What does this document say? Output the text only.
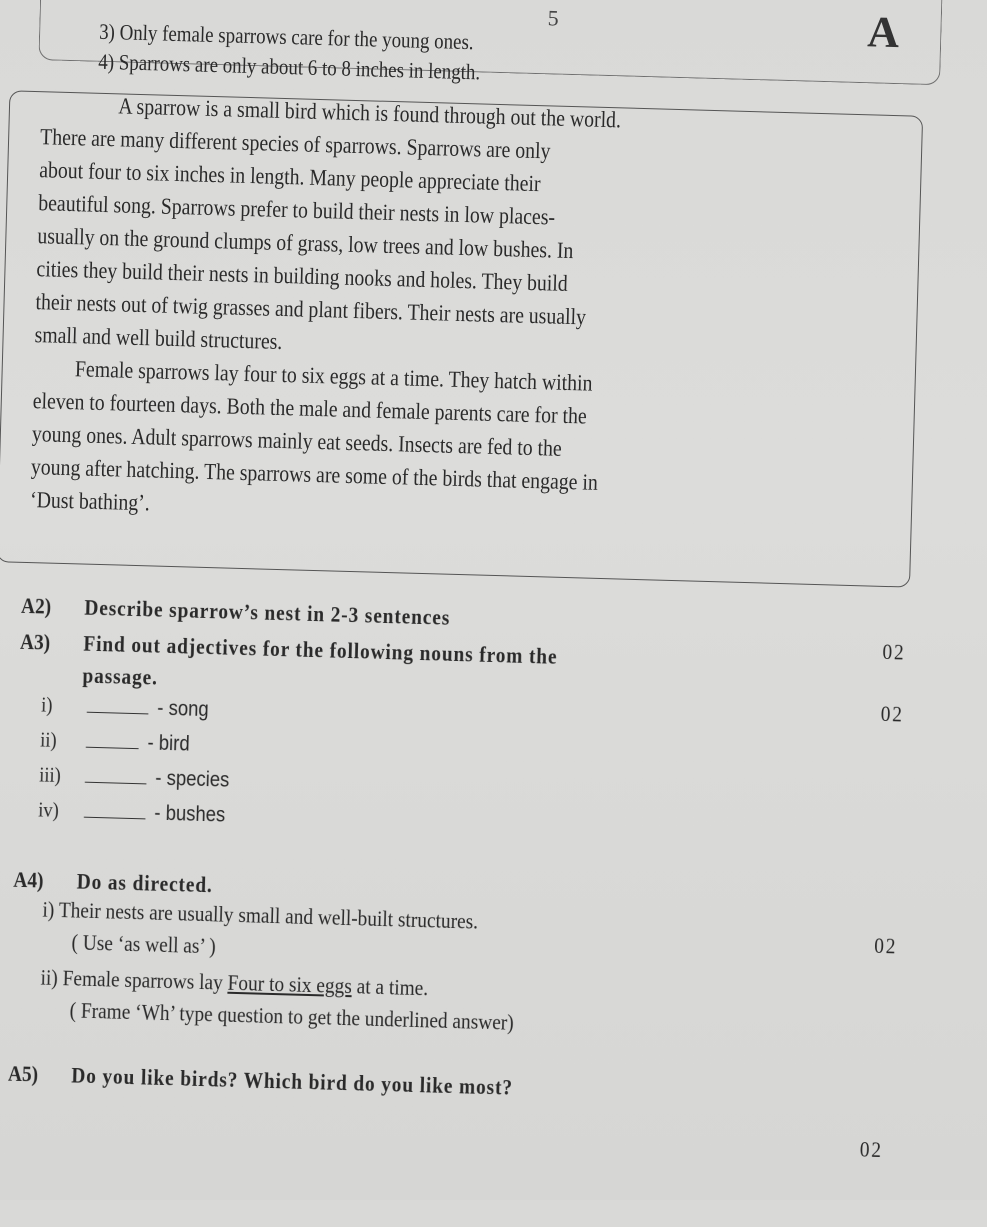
5	A
3) Only female sparrows care for the young ones.
4) Sparrows are only about 6 to 8 inches in length.

A sparrow is a small bird which is found through out the world.

There are many different species of sparrows. Sparrows are only

about four to six inches in length. Many people appreciate their

beautiful song. Sparrows prefer to build their nests in low places-

usually on the ground clumps of grass, low trees and low bushes. In

cities they build their nests in building nooks and holes. They build

their nests out of twig grasses and plant fibers. Their nests are usually

small and well build structures.

Female sparrows lay four to six eggs at a time. They hatch within

eleven to fourteen days. Both the male and female parents care for the

young ones. Adult sparrows mainly eat seeds. Insects are fed to the

young after hatching. The sparrows are some of the birds that engage in

‘Dust bathing’.

A2) Describe sparrow’s nest in 2-3 sentences
02
A3) Find out adjectives for the following nouns from the
passage.
02
i)	- song
ii)	- bird
iii)	- species
iv)	- bushes
A4) Do as directed.
02
i) Their nests are usually small and well-built structures.
( Use ‘as well as’ )
ii) Female sparrows lay Four to six eggs at a time.
( Frame ‘Wh’ type question to get the underlined answer)
A5) Do you like birds? Which bird do you like most?
02
